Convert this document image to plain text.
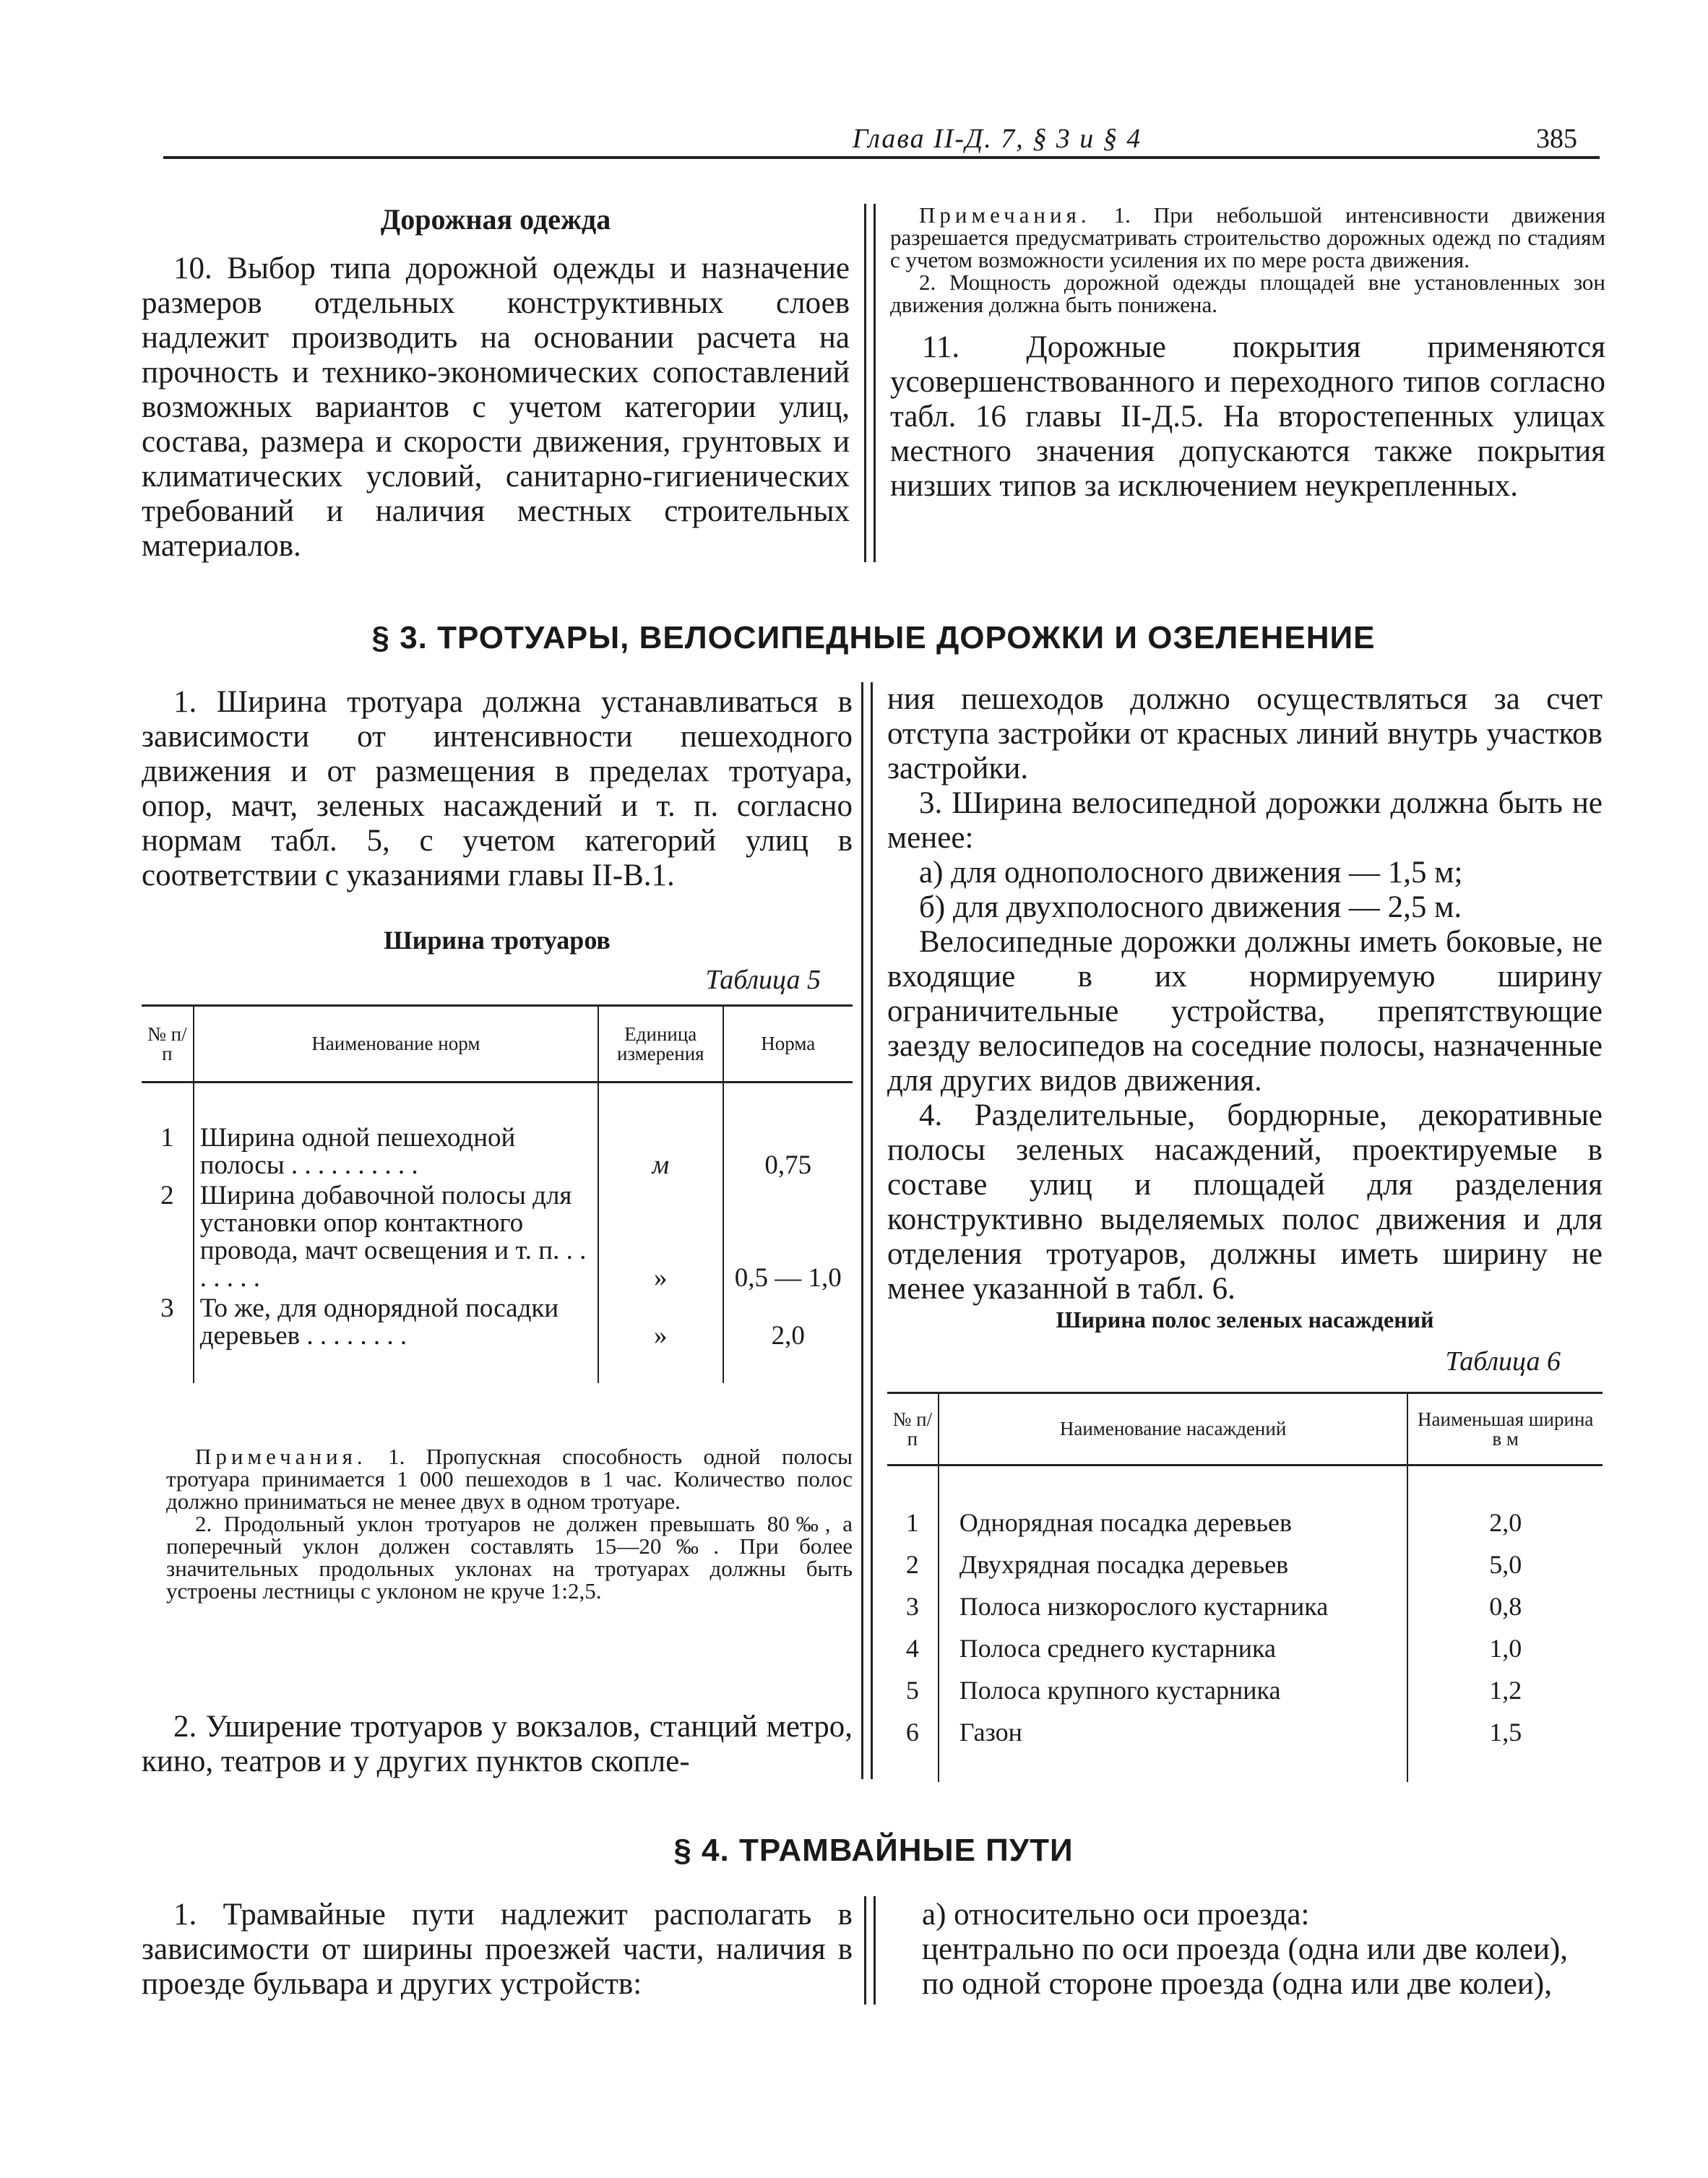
Глава II-Д. 7, § 3 и § 4	385
Дорожная одежда

10. Выбор типа дорожной одежды и назначение размеров отдельных конструктивных слоев надлежит производить на основании расчета на прочность и технико-экономических сопоставлений возможных вариантов с учетом категории улиц, состава, размера и скорости движения, грунтовых и климатических условий, санитарно-гигиенических требований и наличия местных строительных материалов.

Примечания. 1. При небольшой интенсивности движения разрешается предусматривать строительство дорожных одежд по стадиям с учетом возможности усиления их по мере роста движения.

2. Мощность дорожной одежды площадей вне установленных зон движения должна быть понижена.

11. Дорожные покрытия применяются усовершенствованного и переходного типов согласно табл. 16 главы II-Д.5. На второстепенных улицах местного значения допускаются также покрытия низших типов за исключением неукрепленных.

§ 3. ТРОТУАРЫ, ВЕЛОСИПЕДНЫЕ ДОРОЖКИ И ОЗЕЛЕНЕНИЕ

1. Ширина тротуара должна устанавливаться в зависимости от интенсивности пешеходного движения и от размещения в пределах тротуара, опор, мачт, зеленых насаждений и т. п. согласно нормам табл. 5, с учетом категорий улиц в соответствии с указаниями главы II-В.1.

Ширина тротуаров
Таблица 5
№ п/п	Наименование норм	Единица измерения	Норма

1	Ширина одной пешеходной полосы . . . . . . . . . .	м	0,75
2	Ширина добавочной полосы для установки опор контактного провода, мачт освещения и т. п. . . . . . . .	»	0,5 — 1,0
3	То же, для однорядной посадки деревьев . . . . . . . .	»	2,0

Примечания. 1. Пропускная способность одной полосы тротуара принимается 1 000 пешеходов в 1 час. Количество полос должно приниматься не менее двух в одном тротуаре.

2. Продольный уклон тротуаров не должен превышать 80‰, а поперечный уклон должен составлять 15—20‰. При более значительных продольных уклонах на тротуарах должны быть устроены лестницы с уклоном не круче 1:2,5.

2. Уширение тротуаров у вокзалов, станций метро, кино, театров и у других пунктов скопле-

ния пешеходов должно осуществляться за счет отступа застройки от красных линий внутрь участков застройки.

3. Ширина велосипедной дорожки должна быть не менее:

а) для однополосного движения — 1,5 м;

б) для двухполосного движения — 2,5 м.

Велосипедные дорожки должны иметь боковые, не входящие в их нормируемую ширину ограничительные устройства, препятствующие заезду велосипедов на соседние полосы, назначенные для других видов движения.

4. Разделительные, бордюрные, декоративные полосы зеленых насаждений, проектируемые в составе улиц и площадей для разделения конструктивно выделяемых полос движения и для отделения тротуаров, должны иметь ширину не менее указанной в табл. 6.

Ширина полос зеленых насаждений
Таблица 6
№ п/п	Наименование насаждений	Наименьшая ширина в м

1	Однорядная посадка деревьев	2,0
2	Двухрядная посадка деревьев	5,0
3	Полоса низкорослого кустарника	0,8
4	Полоса среднего кустарника	1,0
5	Полоса крупного кустарника	1,2
6	Газон	1,5

§ 4. ТРАМВАЙНЫЕ ПУТИ

1. Трамвайные пути надлежит располагать в зависимости от ширины проезжей части, наличия в проезде бульвара и других устройств:

а) относительно оси проезда:

центрально по оси проезда (одна или две колеи),

по одной стороне проезда (одна или две колеи),
